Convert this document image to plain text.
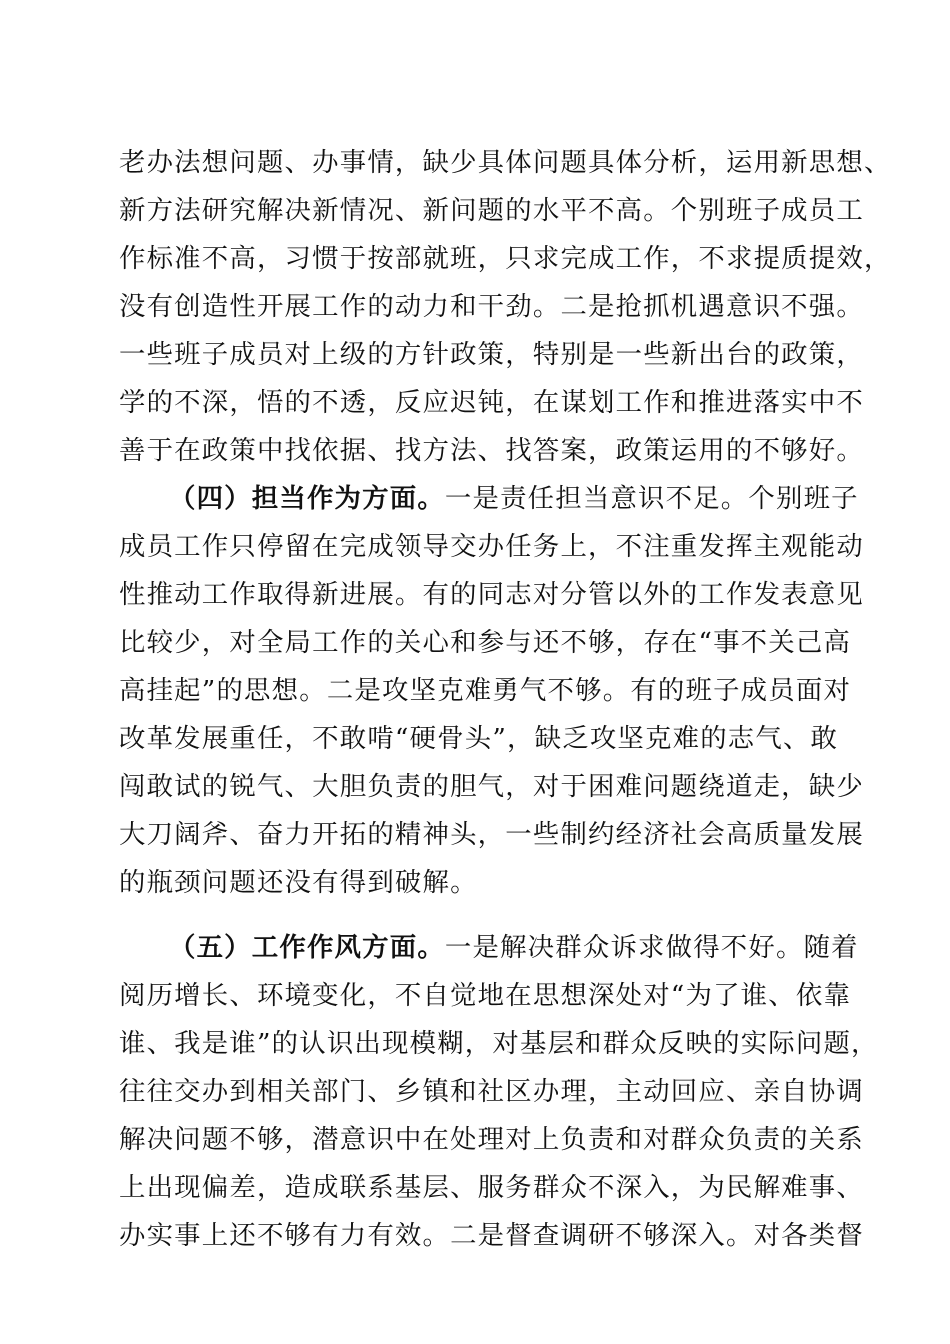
老办法想问题、办事情，缺少具体问题具体分析，运用新思想、
新方法研究解决新情况、新问题的水平不高。个别班子成员工
作标准不高，习惯于按部就班，只求完成工作，不求提质提效，
没有创造性开展工作的动力和干劲。二是抢抓机遇意识不强。
一些班子成员对上级的方针政策，特别是一些新出台的政策，
学的不深，悟的不透，反应迟钝，在谋划工作和推进落实中不
善于在政策中找依据、找方法、找答案，政策运用的不够好。
（四）担当作为方面。一是责任担当意识不足。个别班子
成员工作只停留在完成领导交办任务上，不注重发挥主观能动
性推动工作取得新进展。有的同志对分管以外的工作发表意见
比较少，对全局工作的关心和参与还不够，存在“事不关己高
高挂起”的思想。二是攻坚克难勇气不够。有的班子成员面对
改革发展重任，不敢啃“硬骨头”，缺乏攻坚克难的志气、敢
闯敢试的锐气、大胆负责的胆气，对于困难问题绕道走，缺少
大刀阔斧、奋力开拓的精神头，一些制约经济社会高质量发展
的瓶颈问题还没有得到破解。
（五）工作作风方面。一是解决群众诉求做得不好。随着
阅历增长、环境变化，不自觉地在思想深处对“为了谁、依靠
谁、我是谁”的认识出现模糊，对基层和群众反映的实际问题，
往往交办到相关部门、乡镇和社区办理，主动回应、亲自协调
解决问题不够，潜意识中在处理对上负责和对群众负责的关系
上出现偏差，造成联系基层、服务群众不深入，为民解难事、
办实事上还不够有力有效。二是督查调研不够深入。对各类督
